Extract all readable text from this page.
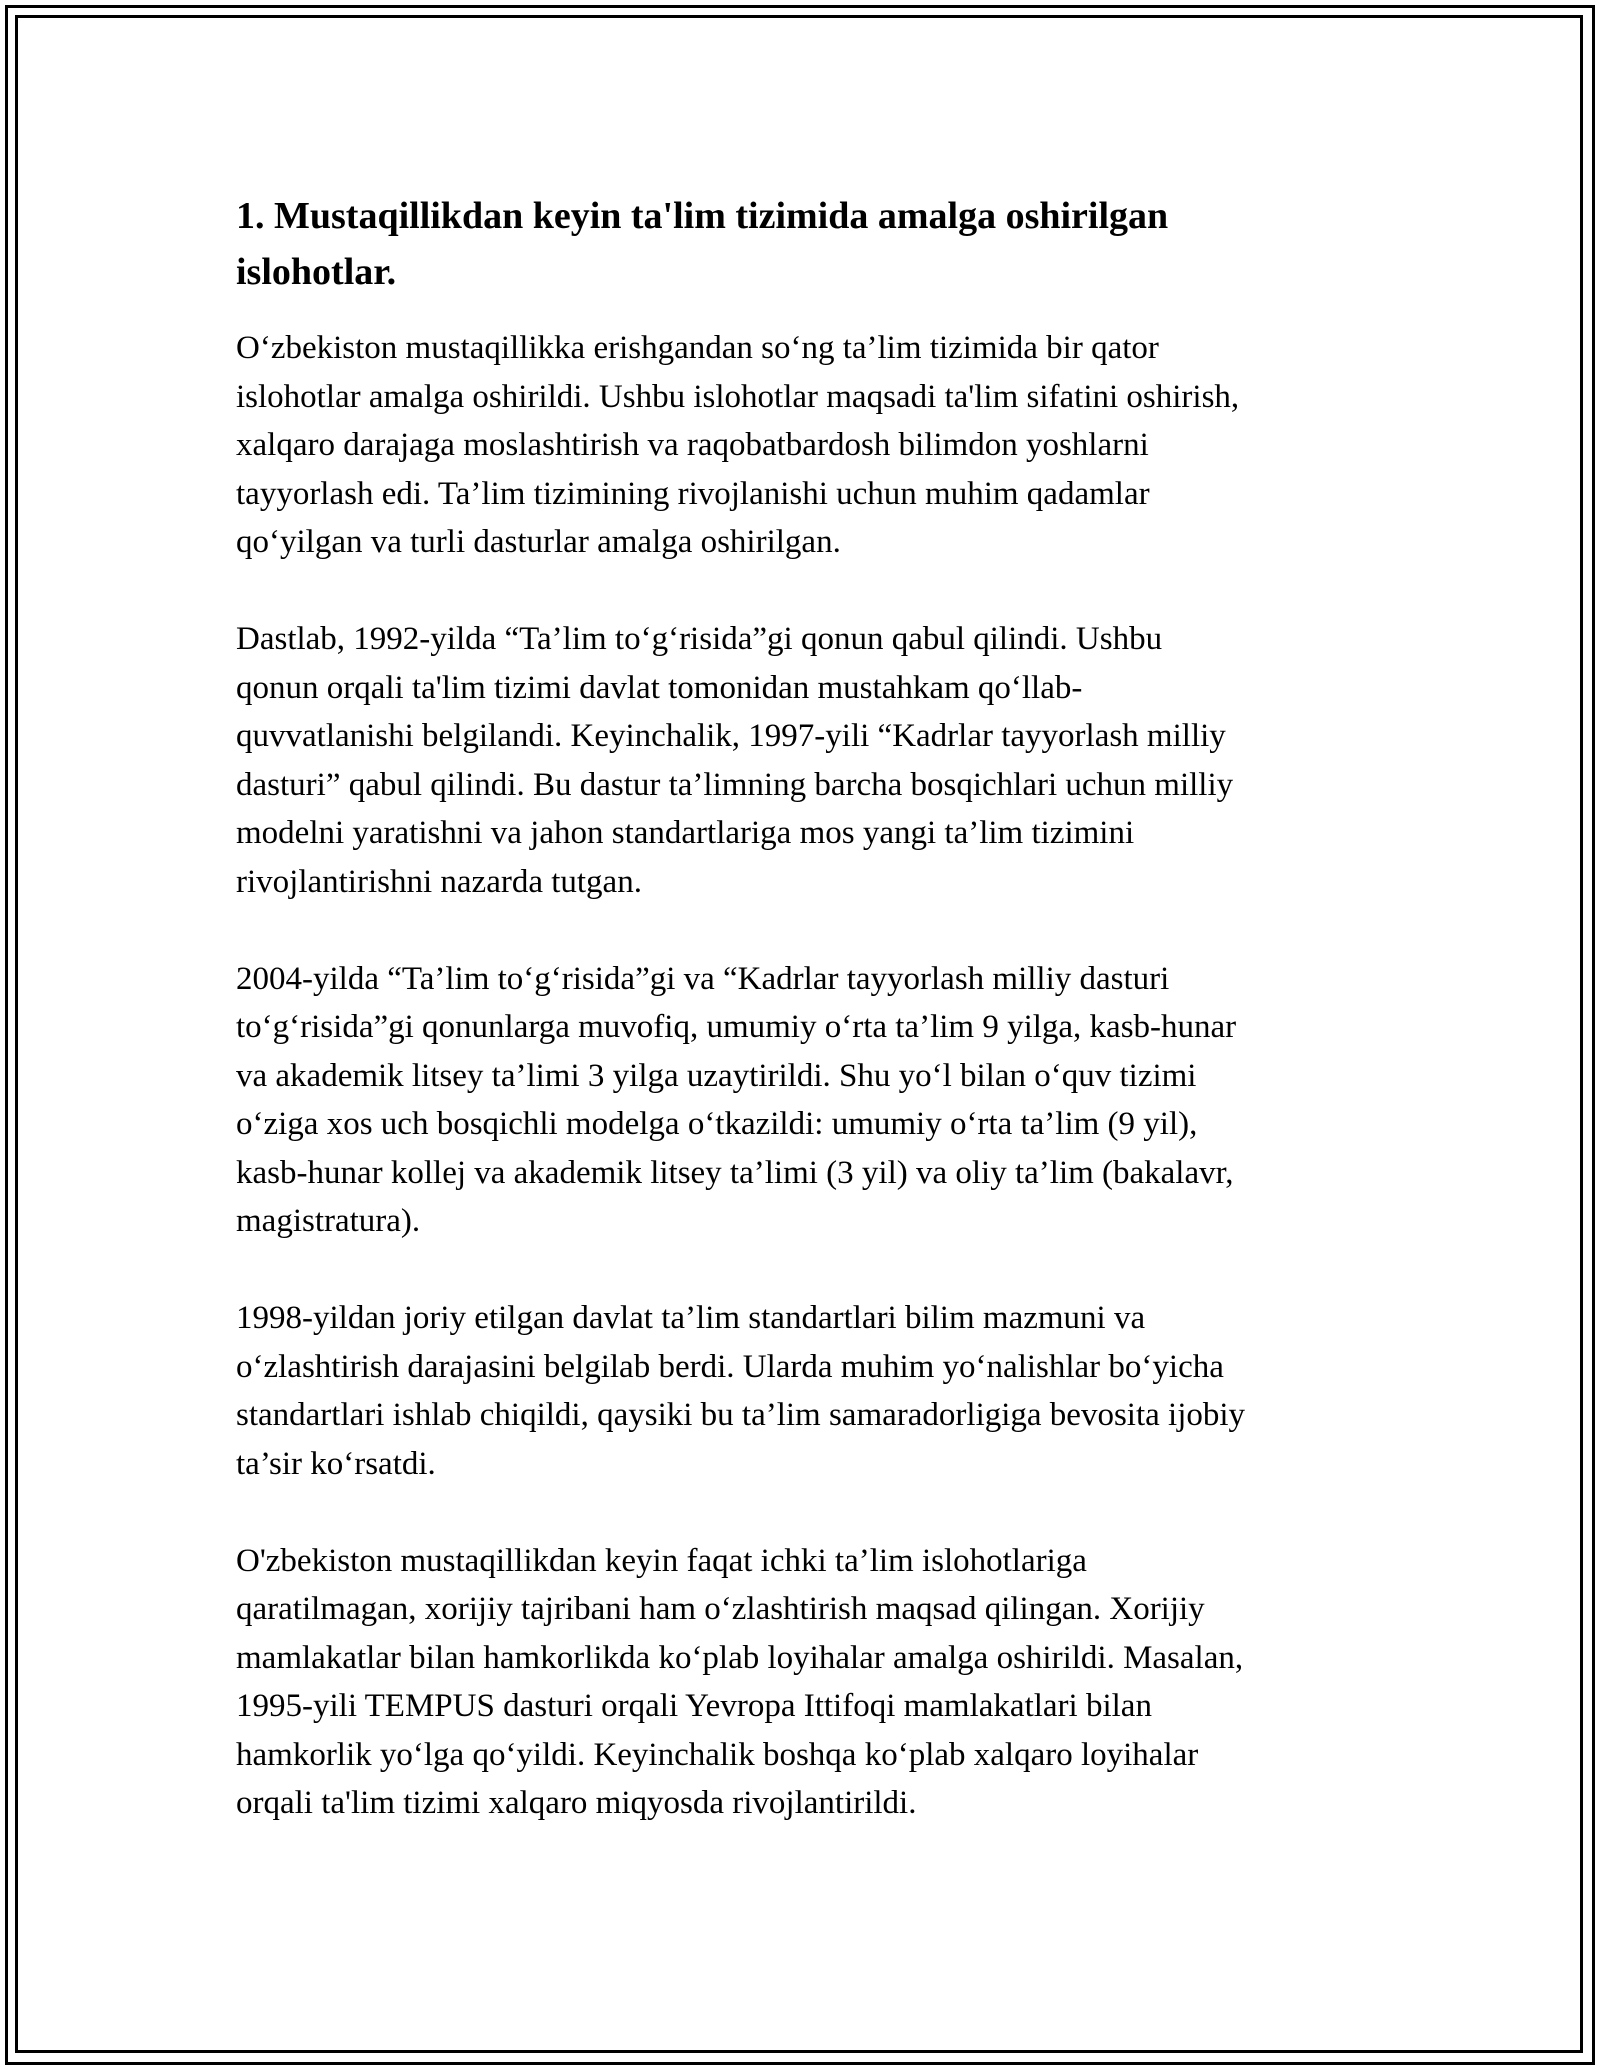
1. Mustaqillikdan keyin ta'lim tizimida amalga oshirilgan
islohotlar.

O‘zbekiston mustaqillikka erishgandan so‘ng ta’lim tizimida bir qator
islohotlar amalga oshirildi. Ushbu islohotlar maqsadi ta'lim sifatini oshirish,
xalqaro darajaga moslashtirish va raqobatbardosh bilimdon yoshlarni
tayyorlash edi. Ta’lim tizimining rivojlanishi uchun muhim qadamlar
qo‘yilgan va turli dasturlar amalga oshirilgan.

Dastlab, 1992-yilda “Ta’lim to‘g‘risida”gi qonun qabul qilindi. Ushbu
qonun orqali ta'lim tizimi davlat tomonidan mustahkam qo‘llab-
quvvatlanishi belgilandi. Keyinchalik, 1997-yili “Kadrlar tayyorlash milliy
dasturi” qabul qilindi. Bu dastur ta’limning barcha bosqichlari uchun milliy
modelni yaratishni va jahon standartlariga mos yangi ta’lim tizimini
rivojlantirishni nazarda tutgan.

2004-yilda “Ta’lim to‘g‘risida”gi va “Kadrlar tayyorlash milliy dasturi
to‘g‘risida”gi qonunlarga muvofiq, umumiy o‘rta ta’lim 9 yilga, kasb-hunar
va akademik litsey ta’limi 3 yilga uzaytirildi. Shu yo‘l bilan o‘quv tizimi
o‘ziga xos uch bosqichli modelga o‘tkazildi: umumiy o‘rta ta’lim (9 yil),
kasb-hunar kollej va akademik litsey ta’limi (3 yil) va oliy ta’lim (bakalavr,
magistratura).

1998-yildan joriy etilgan davlat ta’lim standartlari bilim mazmuni va
o‘zlashtirish darajasini belgilab berdi. Ularda muhim yo‘nalishlar bo‘yicha
standartlari ishlab chiqildi, qaysiki bu ta’lim samaradorligiga bevosita ijobiy
ta’sir ko‘rsatdi.

O'zbekiston mustaqillikdan keyin faqat ichki ta’lim islohotlariga
qaratilmagan, xorijiy tajribani ham o‘zlashtirish maqsad qilingan. Xorijiy
mamlakatlar bilan hamkorlikda ko‘plab loyihalar amalga oshirildi. Masalan,
1995-yili TEMPUS dasturi orqali Yevropa Ittifoqi mamlakatlari bilan
hamkorlik yo‘lga qo‘yildi. Keyinchalik boshqa ko‘plab xalqaro loyihalar
orqali ta'lim tizimi xalqaro miqyosda rivojlantirildi.
